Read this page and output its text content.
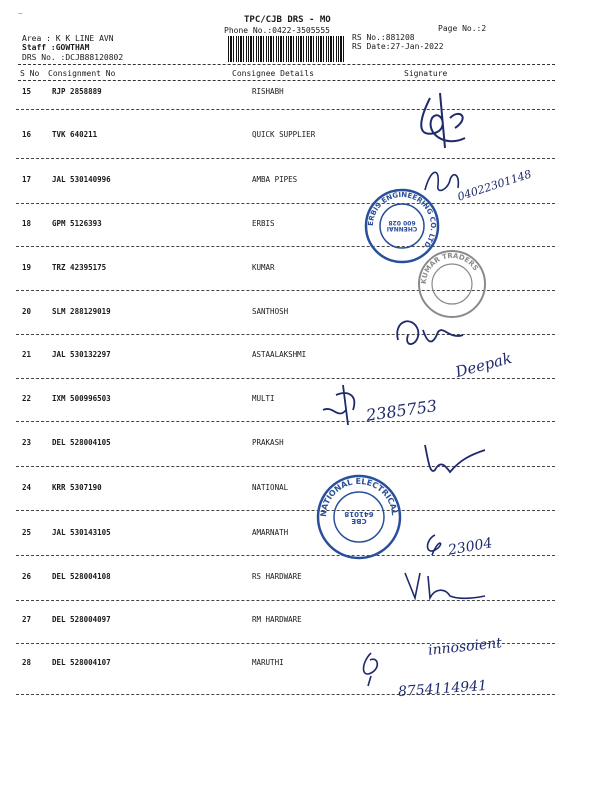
TPC/CJB DRS - MO
Phone No.:0422-3505555	Page No.:2
Area : K K LINE AVN
Staff :GOWTHAM
DRS No. :DCJB88120802
RS No.:881208
RS Date:27-Jan-2022
S No Consignment No	Consignee Details	Signature
15	RJP 2858889	RISHABH
16	TVK 640211	QUICK SUPPLIER
17	JAL 530140996	AMBA PIPES
18	GPM 5126393	ERBIS
19	TRZ 42395175	KUMAR
20	SLM 288129019	SANTHOSH
21	JAL 530132297	ASTAALAKSHMI
22	IXM 500996503	MULTI
23	DEL 528004105	PRAKASH
24	KRR 5307190	NATIONAL
25	JAL 530143105	AMARNATH
26	DEL 528004108	RS HARDWARE
27	DEL 528004097	RM HARDWARE
28	DEL 528004107	MARUTHI
04022301148
ERBIS ENGINEERING CO. LTD.
CHENNAI 600 028
KUMAR TRADERS
Deepak
2385753
NATIONAL ELECTRICAL
CBE 641018
23004
innosoient
8754114941
~
